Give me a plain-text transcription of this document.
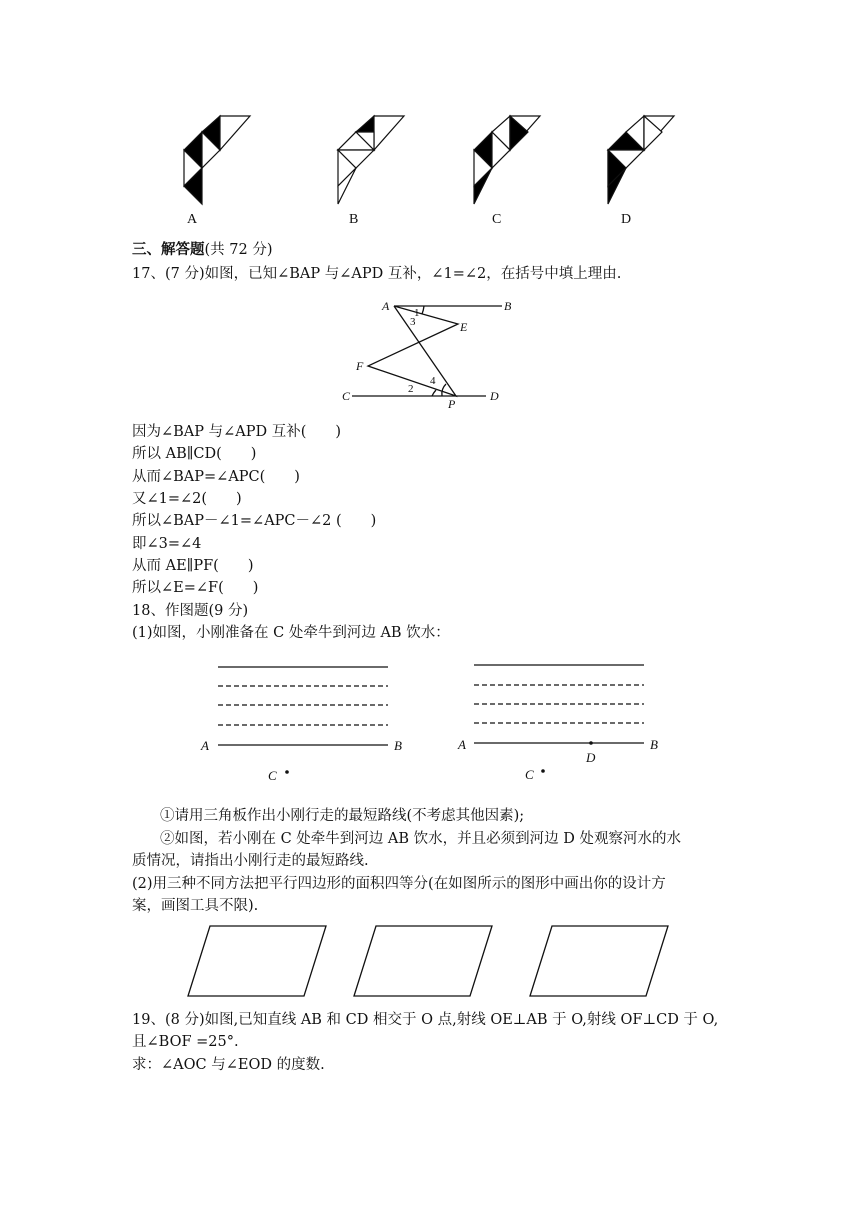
A	B	C	D
三、解答题(共 72 分)
17、(7 分)如图，已知∠BAP 与∠APD 互补，∠1=∠2，在括号中填上理由.
A	B
E
F
C	D
P
1
3
2
4
因为∠BAP 与∠APD 互补(　　)
所以 AB∥CD(　　)
从而∠BAP=∠APC(　　)
又∠1=∠2(　　)
所以∠BAP－∠1=∠APC－∠2 (　　)
即∠3=∠4
从而 AE∥PF(　　)
所以∠E=∠F(　　)
18、作图题(9 分)
(1)如图，小刚准备在 C 处牵牛到河边 AB 饮水：
A	B
C
A	B
D
C
①请用三角板作出小刚行走的最短路线(不考虑其他因素);
②如图，若小刚在 C 处牵牛到河边 AB 饮水，并且必须到河边 D 处观察河水的水
质情况，请指出小刚行走的最短路线.
(2)用三种不同方法把平行四边形的面积四等分(在如图所示的图形中画出你的设计方
案，画图工具不限).
19、(8 分)如图,已知直线 AB 和 CD 相交于 O 点,射线 OE⊥AB 于 O,射线 OF⊥CD 于 O,
且∠BOF =25°.
求：∠AOC 与∠EOD 的度数.
